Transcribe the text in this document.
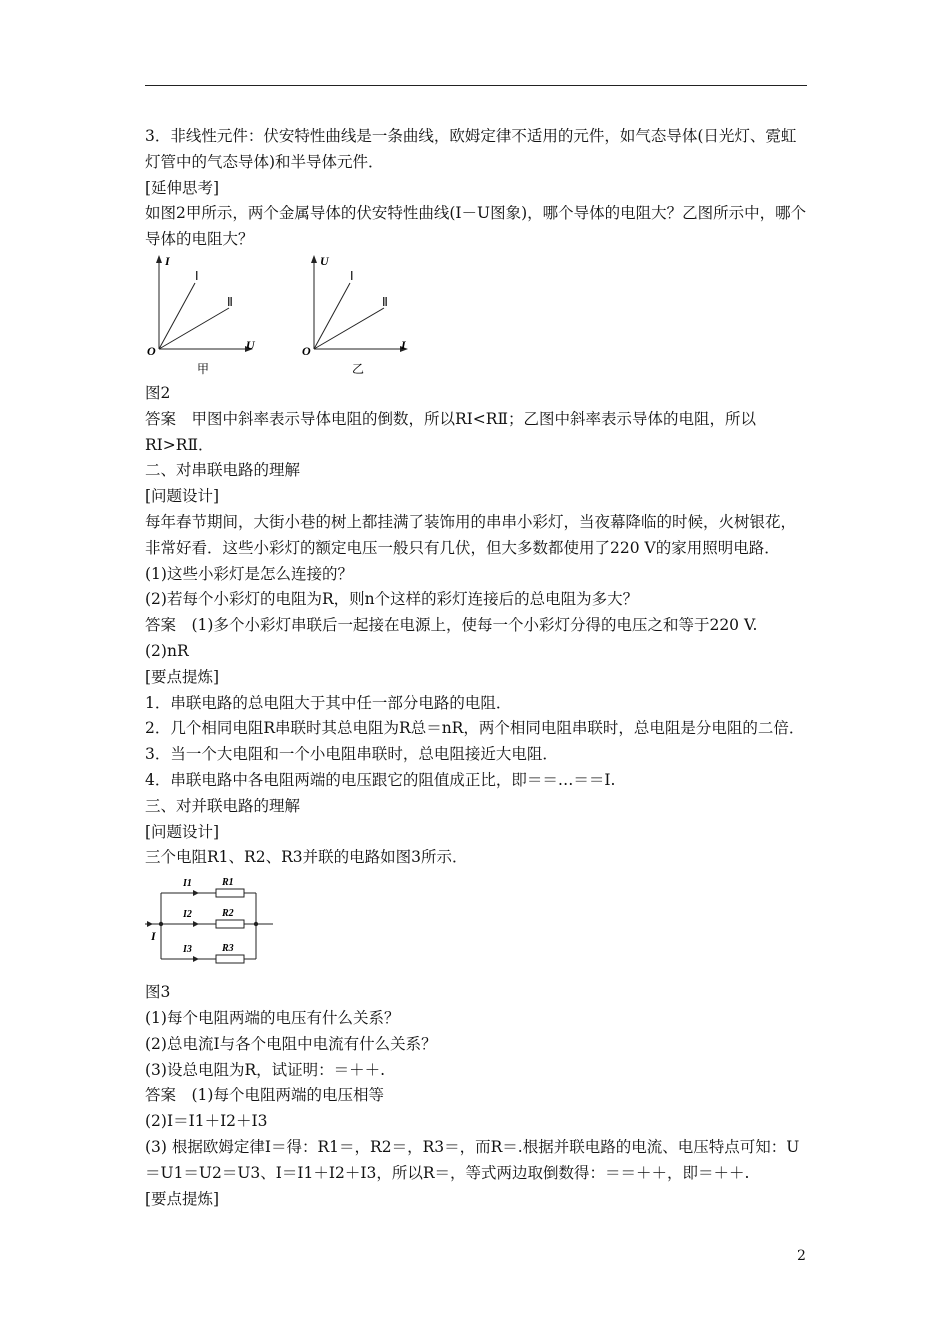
3．非线性元件：伏安特性曲线是一条曲线，欧姆定律不适用的元件，如气态导体(日光灯、霓虹灯管中的气态导体)和半导体元件．

[延伸思考]

如图2甲所示，两个金属导体的伏安特性曲线(I－U图象)，哪个导体的电阻大？乙图所示中，哪个导体的电阻大？

I
U
O
Ⅰ
Ⅱ
甲
U
I
O
Ⅰ
Ⅱ
乙

图2

答案　甲图中斜率表示导体电阻的倒数，所以RⅠ<RⅡ；乙图中斜率表示导体的电阻，所以RⅠ>RⅡ．

二、对串联电路的理解

[问题设计]

每年春节期间，大街小巷的树上都挂满了装饰用的串串小彩灯，当夜幕降临的时候，火树银花，非常好看．这些小彩灯的额定电压一般只有几伏，但大多数都使用了220 V的家用照明电路．

(1)这些小彩灯是怎么连接的？

(2)若每个小彩灯的电阻为R，则n个这样的彩灯连接后的总电阻为多大？

答案　(1)多个小彩灯串联后一起接在电源上，使每一个小彩灯分得的电压之和等于220 V.

(2)nR

[要点提炼]

1．串联电路的总电阻大于其中任一部分电路的电阻．

2．几个相同电阻R串联时其总电阻为R总＝nR，两个相同电阻串联时，总电阻是分电阻的二倍．

3．当一个大电阻和一个小电阻串联时，总电阻接近大电阻．

4．串联电路中各电阻两端的电压跟它的阻值成正比，即＝＝…＝＝I.

三、对并联电路的理解

[问题设计]

三个电阻R1、R2、R3并联的电路如图3所示．

I1
I2
I3
R1
R2
R3
I

图3

(1)每个电阻两端的电压有什么关系？

(2)总电流I与各个电阻中电流有什么关系？

(3)设总电阻为R，试证明：＝＋＋.

答案　(1)每个电阻两端的电压相等

(2)I＝I1＋I2＋I3

(3) 根据欧姆定律I＝得：R1＝，R2＝，R3＝，而R＝.根据并联电路的电流、电压特点可知：U＝U1＝U2＝U3、I＝I1＋I2＋I3，所以R＝，等式两边取倒数得：＝＝＋＋，即＝＋＋.

[要点提炼]

2
